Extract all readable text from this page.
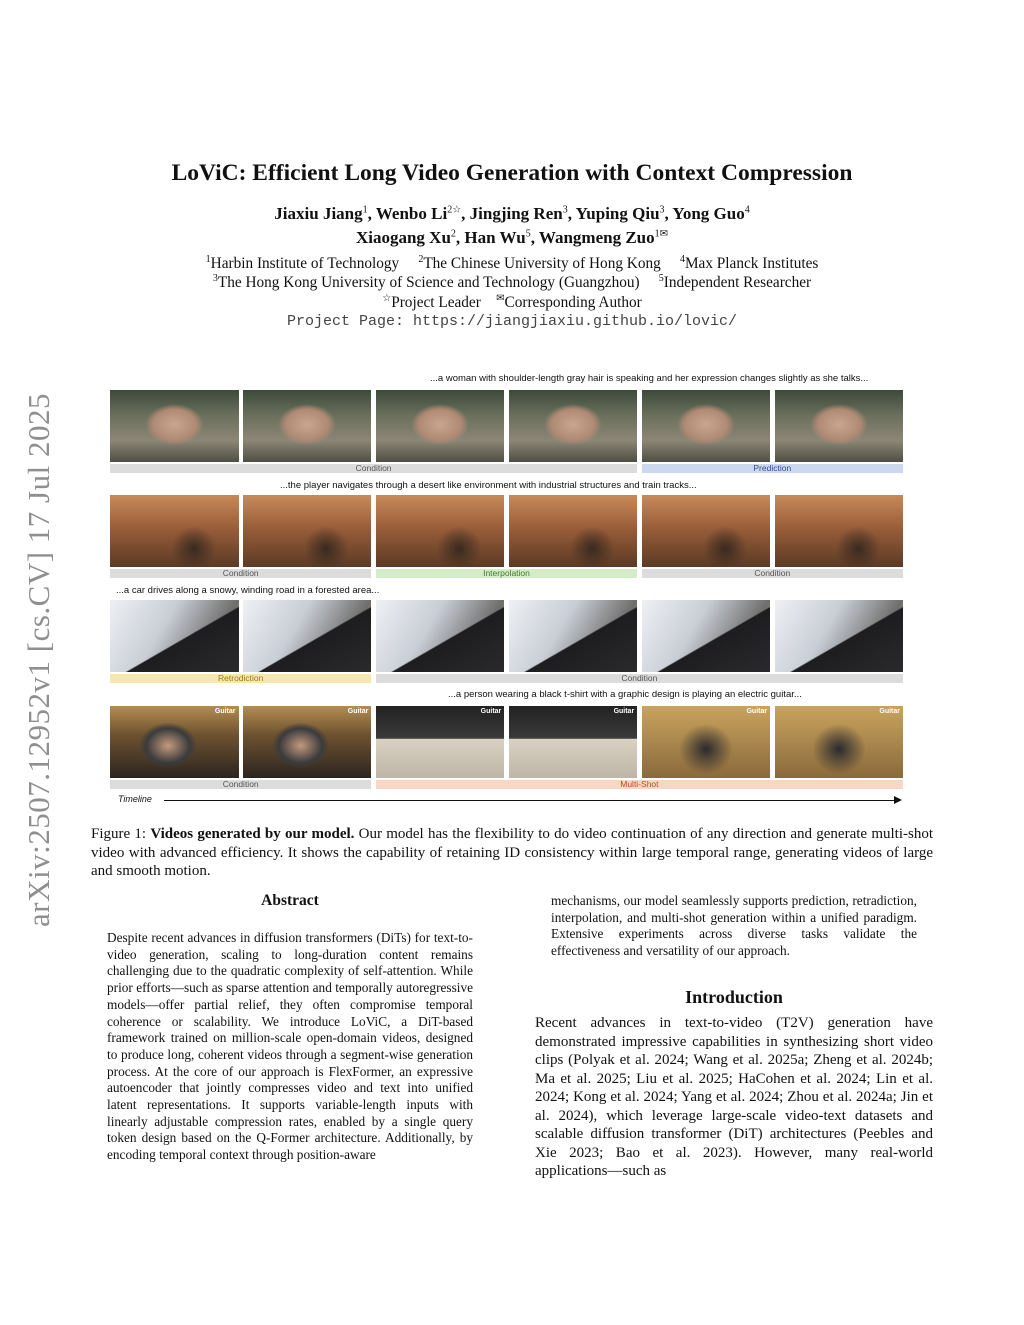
arXiv:2507.12952v1 [cs.CV] 17 Jul 2025
LoViC: Efficient Long Video Generation with Context Compression
Jiaxiu Jiang$^1$, Wenbo $Li^{2☆}$, Jingjing Ren$^3$, Yuping Qiu$^3$, Yong Guo$^4$
Xiaogang Xu$^2$, Han Wu$^5$, Wangmeng Zuo$^{1✉}$
$^1$Harbin Institute of Technology $^2$The Chinese University of Hong Kong $^4$Max Planck Institutes
$^3$The Hong Kong University of Science and Technology (Guangzhou) $^5$Independent Researcher
☆Project Leader ✉Corresponding Author
Project Page: https://jiangjiaxiu.github.io/lovic/
...a woman with shoulder-length gray hair is speaking and her expression changes slightly as she talks...
Condition	Prediction
...the player navigates through a desert like environment with industrial structures and train tracks...
Condition	Interpolation	Condition
...a car drives along a snowy, winding road in a forested area...
Retrodiction	Condition
...a person wearing a black t-shirt with a graphic design is playing an electric guitar...
Guitar	Guitar	Guitar	Guitar	Guitar	Guitar
Condition	Multi-Shot
Timeline
Figure 1: Videos generated by our model. Our model has the flexibility to do video continuation of any direction and generate multi-shot video with advanced efficiency. It shows the capability of retaining ID consistency within large temporal range, generating videos of large and smooth motion.
Abstract
Despite recent advances in diffusion transformers (DiTs) for text-to-video generation, scaling to long-duration content remains challenging due to the quadratic complexity of self-attention. While prior efforts—such as sparse attention and temporally autoregressive models—offer partial relief, they often compromise temporal coherence or scalability. We introduce LoViC, a DiT-based framework trained on million-scale open-domain videos, designed to produce long, coherent videos through a segment-wise generation process. At the core of our approach is FlexFormer, an expressive autoencoder that jointly compresses video and text into unified latent representations. It supports variable-length inputs with linearly adjustable compression rates, enabled by a single query token design based on the Q-Former architecture. Additionally, by encoding temporal context through position-aware
mechanisms, our model seamlessly supports prediction, retradiction, interpolation, and multi-shot generation within a unified paradigm. Extensive experiments across diverse tasks validate the effectiveness and versatility of our approach.
Introduction
Recent advances in text-to-video (T2V) generation have demonstrated impressive capabilities in synthesizing short video clips (Polyak et al. 2024; Wang et al. 2025a; Zheng et al. 2024b; Ma et al. 2025; Liu et al. 2025; HaCohen et al. 2024; Lin et al. 2024; Kong et al. 2024; Yang et al. 2024; Zhou et al. 2024a; Jin et al. 2024), which leverage large-scale video-text datasets and scalable diffusion transformer (DiT) architectures (Peebles and Xie 2023; Bao et al. 2023). However, many real-world applications—such as
